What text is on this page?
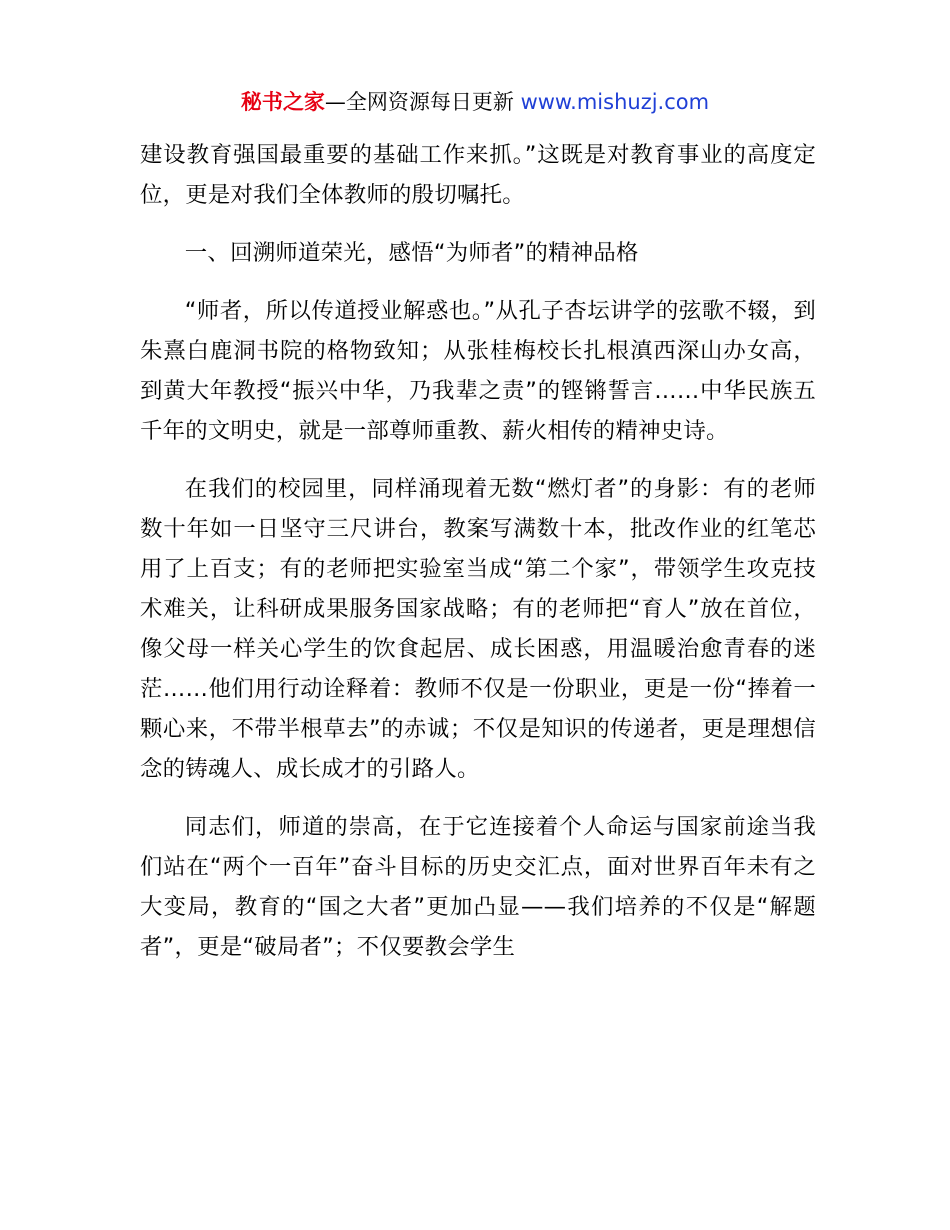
秘书之家—全网资源每日更新 www.mishuzj.com

建设教育强国最重要的基础工作来抓。”这既是对教育事业的高度定位，更是对我们全体教师的殷切嘱托。

一、回溯师道荣光，感悟“为师者”的精神品格

“师者，所以传道授业解惑也。”从孔子杏坛讲学的弦歌不辍，到朱熹白鹿洞书院的格物致知；从张桂梅校长扎根滇西深山办女高，到黄大年教授“振兴中华，乃我辈之责”的铿锵誓言……中华民族五千年的文明史，就是一部尊师重教、薪火相传的精神史诗。

在我们的校园里，同样涌现着无数“燃灯者”的身影：有的老师数十年如一日坚守三尺讲台，教案写满数十本，批改作业的红笔芯用了上百支；有的老师把实验室当成“第二个家”，带领学生攻克技术难关，让科研成果服务国家战略；有的老师把“育人”放在首位，像父母一样关心学生的饮食起居、成长困惑，用温暖治愈青春的迷茫……他们用行动诠释着：教师不仅是一份职业，更是一份“捧着一颗心来，不带半根草去”的赤诚；不仅是知识的传递者，更是理想信念的铸魂人、成长成才的引路人。

同志们，师道的崇高，在于它连接着个人命运与国家前途当我们站在“两个一百年”奋斗目标的历史交汇点，面对世界百年未有之大变局，教育的“国之大者”更加凸显——我们培养的不仅是“解题者”，更是“破局者”；不仅要教会学生
